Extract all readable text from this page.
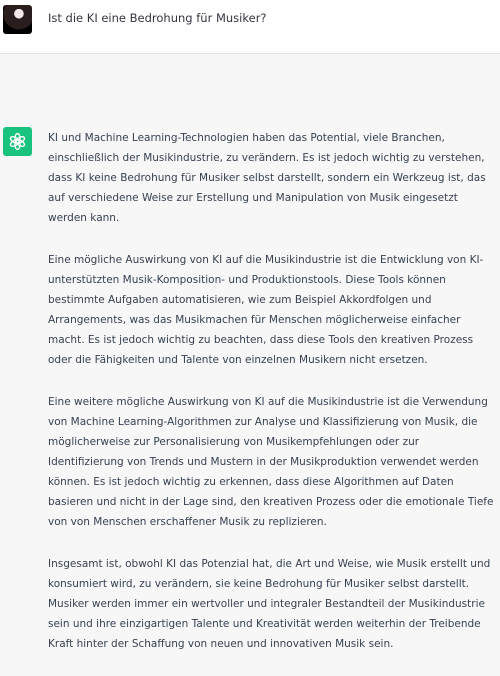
Ist die KI eine Bedrohung für Musiker?

KI und Machine Learning-Technologien haben das Potential, viele Branchen, einschließlich der Musikindustrie, zu verändern. Es ist jedoch wichtig zu verstehen, dass KI keine Bedrohung für Musiker selbst darstellt, sondern ein Werkzeug ist, das auf verschiedene Weise zur Erstellung und Manipulation von Musik eingesetzt werden kann.

Eine mögliche Auswirkung von KI auf die Musikindustrie ist die Entwicklung von KI-unterstützten Musik-Komposition- und Produktionstools. Diese Tools können bestimmte Aufgaben automatisieren, wie zum Beispiel Akkordfolgen und Arrangements, was das Musikmachen für Menschen möglicherweise einfacher macht. Es ist jedoch wichtig zu beachten, dass diese Tools den kreativen Prozess oder die Fähigkeiten und Talente von einzelnen Musikern nicht ersetzen.

Eine weitere mögliche Auswirkung von KI auf die Musikindustrie ist die Verwendung von Machine Learning-Algorithmen zur Analyse und Klassifizierung von Musik, die möglicherweise zur Personalisierung von Musikempfehlungen oder zur Identifizierung von Trends und Mustern in der Musikproduktion verwendet werden können. Es ist jedoch wichtig zu erkennen, dass diese Algorithmen auf Daten basieren und nicht in der Lage sind, den kreativen Prozess oder die emotionale Tiefe von von Menschen erschaffener Musik zu replizieren.

Insgesamt ist, obwohl KI das Potenzial hat, die Art und Weise, wie Musik erstellt und konsumiert wird, zu verändern, sie keine Bedrohung für Musiker selbst darstellt. Musiker werden immer ein wertvoller und integraler Bestandteil der Musikindustrie sein und ihre einzigartigen Talente und Kreativität werden weiterhin der Treibende Kraft hinter der Schaffung von neuen und innovativen Musik sein.
